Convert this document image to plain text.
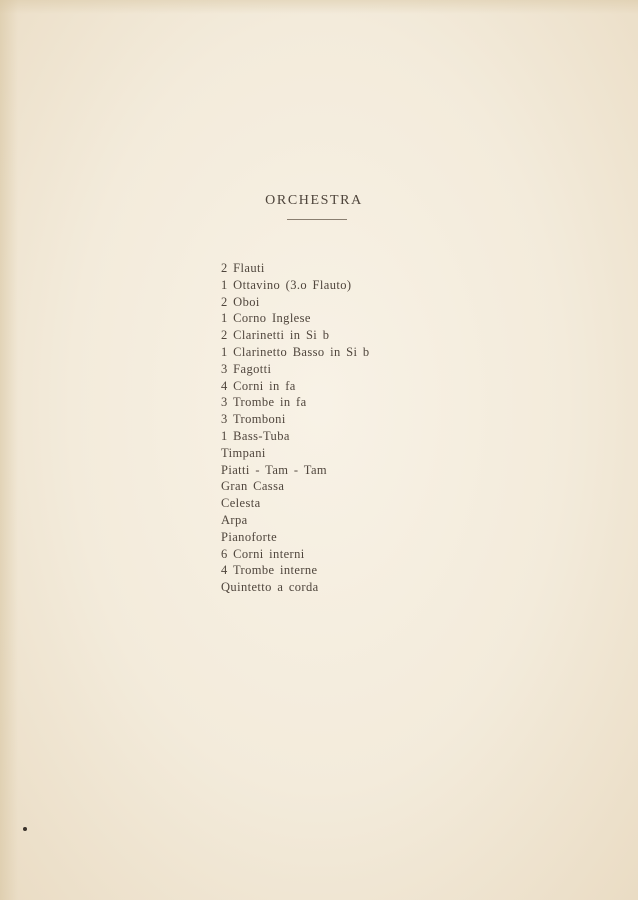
ORCHESTRA
2 Flauti
1 Ottavino (3.o Flauto)
2 Oboi
1 Corno Inglese
2 Clarinetti in Si b
1 Clarinetto Basso in Si b
3 Fagotti
4 Corni in fa
3 Trombe in fa
3 Tromboni
1 Bass-Tuba
Timpani
Piatti - Tam - Tam
Gran Cassa
Celesta
Arpa
Pianoforte
6 Corni interni
4 Trombe interne
Quintetto a corda
